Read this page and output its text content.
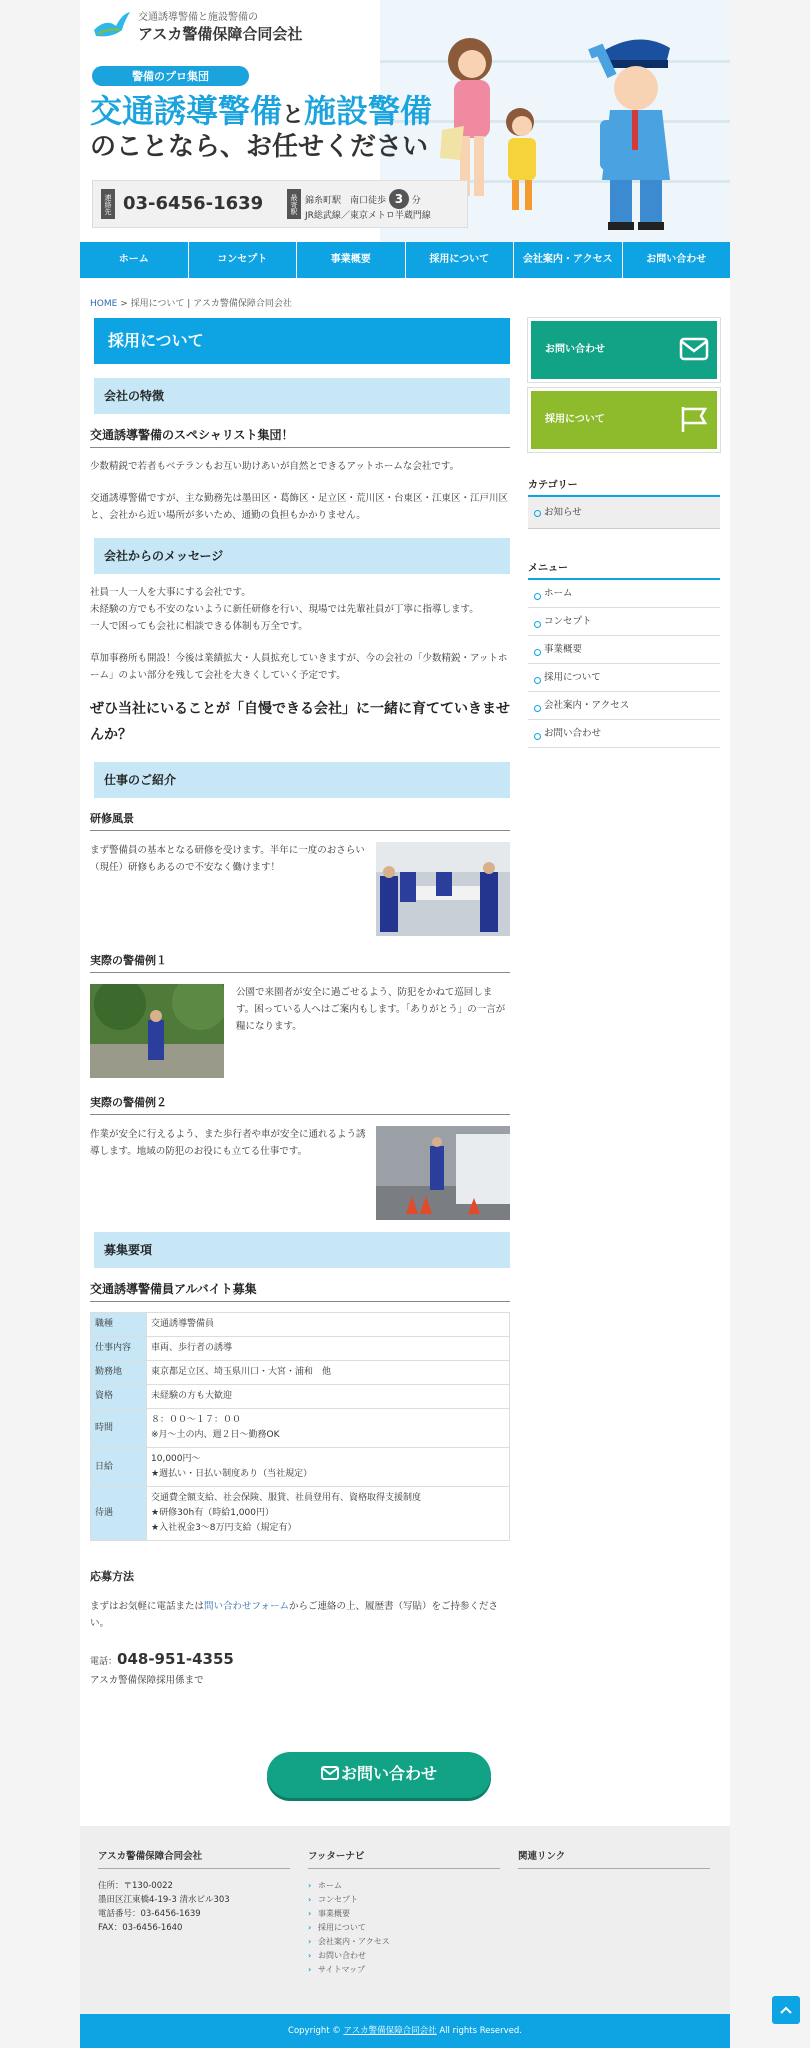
交通誘導警備と施設警備の
アスカ警備保障合同会社
警備のプロ集団
交通誘導警備と施設警備
のことなら、お任せください
連絡先 03-6456-1639	最寄駅 錦糸町駅　南口徒歩 3 分
JR総武線／東京メトロ半蔵門線
ホーム	コンセプト	事業概要	採用について	会社案内・アクセス	お問い合わせ
HOME > 採用について | アスカ警備保障合同会社
採用について
会社の特徴
交通誘導警備のスペシャリスト集団！
少数精鋭で若者もベテランもお互い助けあいが自然とできるアットホームな会社です。
交通誘導警備ですが、主な勤務先は墨田区・葛飾区・足立区・荒川区・台東区・江東区・江戸川区と、会社から近い場所が多いため、通勤の負担もかかりません。
会社からのメッセージ
社員一人一人を大事にする会社です。
未経験の方でも不安のないように新任研修を行い、現場では先輩社員が丁寧に指導します。
一人で困っても会社に相談できる体制も万全です。
草加事務所も開設！今後は業績拡大・人員拡充していきますが、今の会社の「少数精鋭・アットホーム」のよい部分を残して会社を大きくしていく予定です。
ぜひ当社にいることが「自慢できる会社」に一緒に育てていきませんか？
仕事のご紹介
研修風景
まず警備員の基本となる研修を受けます。半年に一度のおさらい（現任）研修もあるので不安なく働けます！
実際の警備例１
公園で来園者が安全に過ごせるよう、防犯をかねて巡回します。困っている人へはご案内もします。「ありがとう」の一言が糧になります。
実際の警備例２
作業が安全に行えるよう、また歩行者や車が安全に通れるよう誘導します。地域の防犯のお役にも立てる仕事です。
募集要項
交通誘導警備員アルバイト募集
職種	交通誘導警備員
仕事内容	車両、歩行者の誘導
勤務地	東京都足立区、埼玉県川口・大宮・浦和　他
資格	未経験の方も大歓迎
時間	８：００〜１７：００
※月〜土の内、週２日〜勤務OK

日給	10,000円〜
★週払い・日払い制度あり（当社規定）

待遇	交通費全額支給、社会保険、服貸、社員登用有、資格取得支援制度
★研修30h有（時給1,000円）
★入社祝金3〜8万円支給（規定有）
応募方法
まずはお気軽に電話または問い合わせフォームからご連絡の上、履歴書（写貼）をご持参ください。
電話：048-951-4355
アスカ警備保障採用係まで
お問い合わせ
お問い合わせ
採用について
カテゴリー
お知らせ
メニュー
ホーム
コンセプト
事業概要
採用について
会社案内・アクセス
お問い合わせ
アスカ警備保障合同会社

住所：〒130-0022

墨田区江東橋4-19-3 清水ビル303

電話番号：03-6456-1639

FAX：03-6456-1640

フッターナビ
› ホーム
› コンセプト
› 事業概要
› 採用について
› 会社案内・アクセス
› お問い合わせ
› サイトマップ
関連リンク
Copyright © アスカ警備保障合同会社 All rights Reserved.
